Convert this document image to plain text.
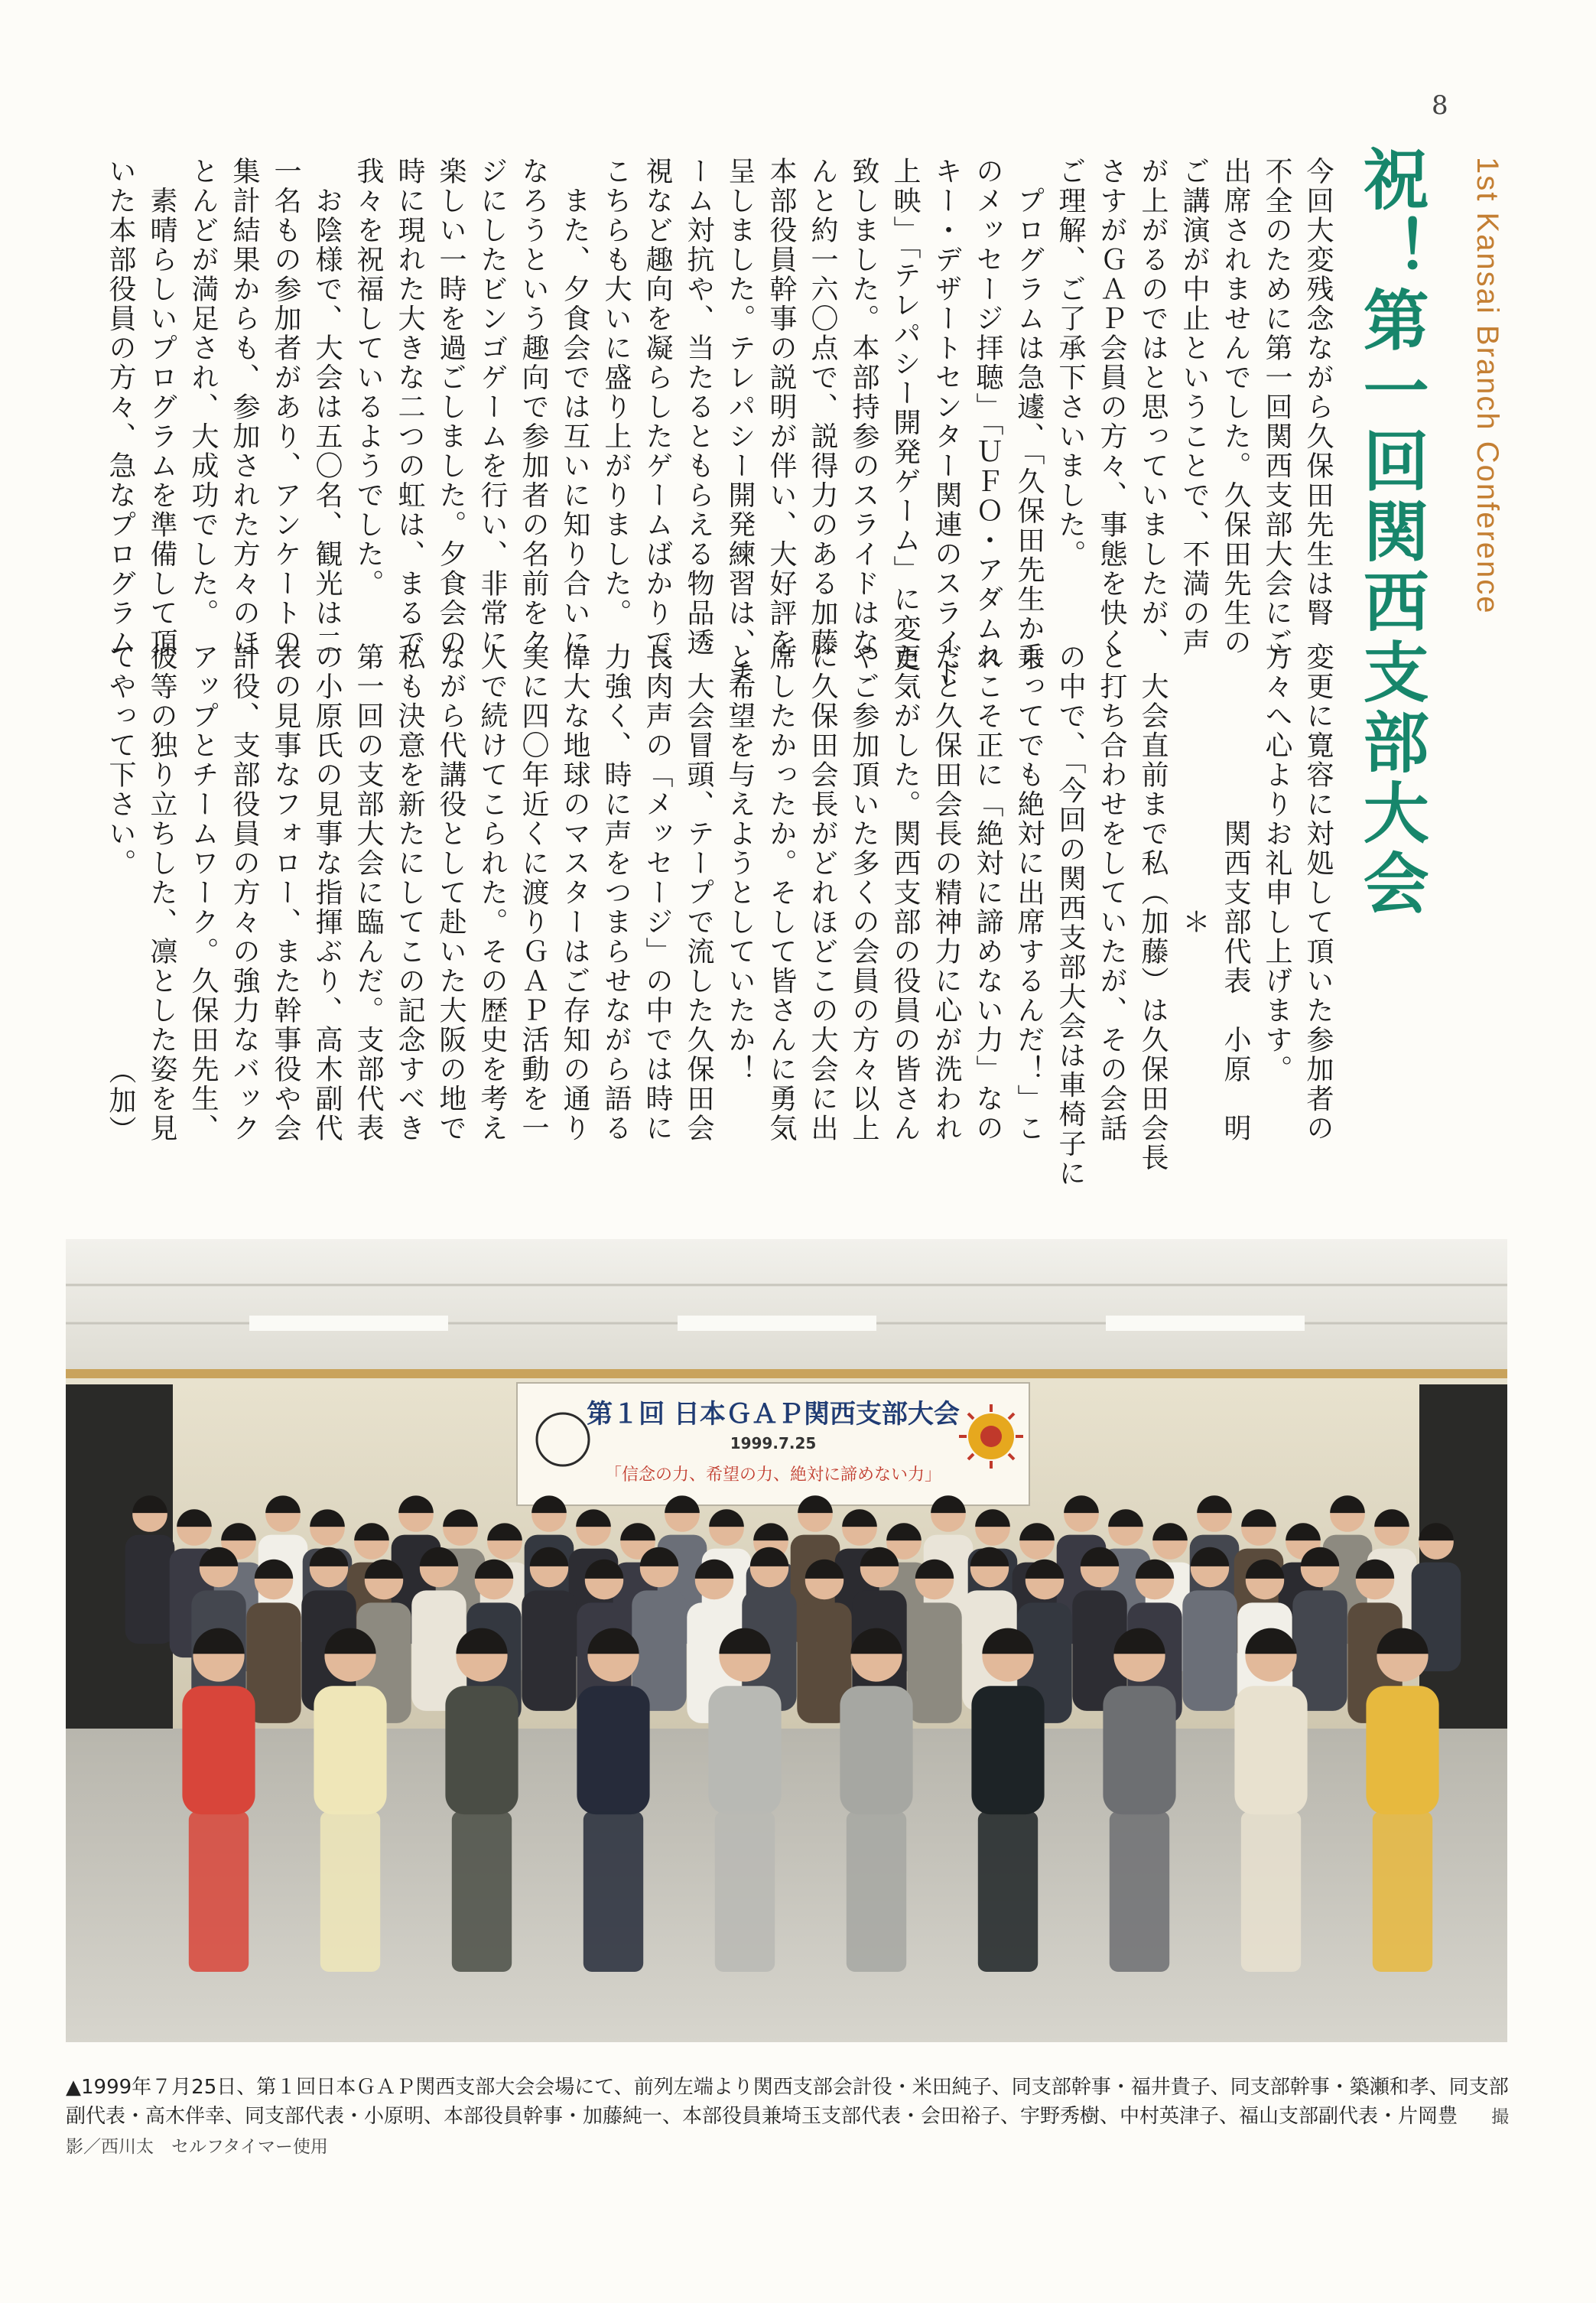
8
1st Kansai Branch Conference
祝！第一回関西支部大会
今回大変残念ながら久保田先生は腎
不全のために第一回関西支部大会にご
出席されませんでした。久保田先生の
ご講演が中止ということで、不満の声
が上がるのではと思っていましたが、
さすがＧＡＰ会員の方々、事態を快く
ご理解、ご了承下さいました。
　プログラムは急遽、「久保田先生から
のメッセージ拝聴」「ＵＦＯ・アダムス
キー・デザートセンター関連のスライド
上映」「テレパシー開発ゲーム」に変更
致しました。本部持参のスライドはな
んと約一六〇点で、説得力のある加藤
本部役員幹事の説明が伴い、大好評を
呈しました。テレパシー開発練習は、チ
ーム対抗や、当たるともらえる物品透
視など趣向を凝らしたゲームばかりで、
こちらも大いに盛り上がりました。
　また、夕食会では互いに知り合いに
なろうという趣向で参加者の名前をク
ジにしたビンゴゲームを行い、非常に
楽しい一時を過ごしました。夕食会の
時に現れた大きな二つの虹は、まるで
我々を祝福しているようでした。
　お陰様で、大会は五〇名、観光は二
一名もの参加者があり、アンケートの
集計結果からも、参加された方々のほ
とんどが満足され、大成功でした。
　素晴らしいプログラムを準備して頂
いた本部役員の方々、急なプログラム
変更に寛容に対処して頂いた参加者の
方々へ心よりお礼申し上げます。
　　　　　　関西支部代表　小原　明
　　　　　　　　　＊
　大会直前まで私（加藤）は久保田会長
と打ち合わせをしていたが、その会話
の中で、「今回の関西支部大会は車椅子に
乗ってでも絶対に出席するんだ！」こ
れこそ正に「絶対に諦めない力」なの
だと久保田会長の精神力に心が洗われ
た気がした。関西支部の役員の皆さん
やご参加頂いた多くの会員の方々以上
に久保田会長がどれほどこの大会に出
席したかったか。そして皆さんに勇気
と希望を与えようとしていたか！
　大会冒頭、テープで流した久保田会
長肉声の「メッセージ」の中では時に
力強く、時に声をつまらせながら語る
偉大な地球のマスターはご存知の通り
実に四〇年近くに渡りＧＡＰ活動を一
人で続けてこられた。その歴史を考え
ながら代講役として赴いた大阪の地で
私も決意を新たにしてこの記念すべき
第一回の支部大会に臨んだ。支部代表
の小原氏の見事な指揮ぶり、高木副代
表の見事なフォロー、また幹事役や会
計役、支部役員の方々の強力なバック
アップとチームワーク。久保田先生、
彼等の独り立ちした、凛とした姿を見
てやって下さい。　　　　　　　（加）
第１回 日本ＧＡＰ関西支部大会
1999.7.25
「信念の力、希望の力、絶対に諦めない力」
▲1999年７月25日、第１回日本ＧＡＰ関西支部大会会場にて、前列左端より関西支部会計役・米田純子、同支部幹事・福井貴子、同支部幹事・築瀬和孝、同支部副代表・高木伴幸、同支部代表・小原明、本部役員幹事・加藤純一、本部役員兼埼玉支部代表・会田裕子、宇野秀樹、中村英津子、福山支部副代表・片岡豊 撮影／西川太　セルフタイマー使用
